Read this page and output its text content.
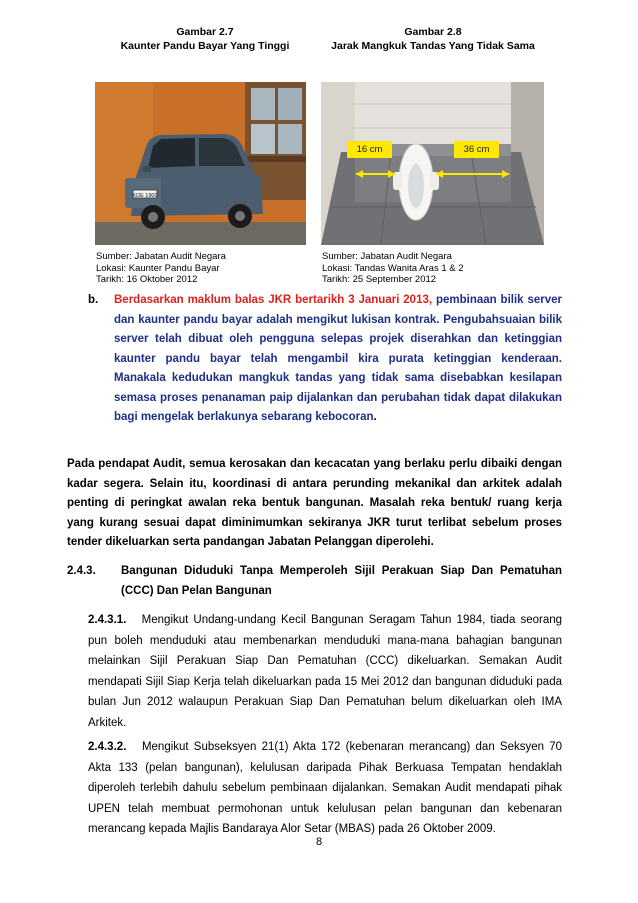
Gambar 2.7
Kaunter Pandu Bayar Yang Tinggi
Gambar 2.8
Jarak Mangkuk Tandas Yang Tidak Sama
KDE 1900
16 cm	36 cm
Sumber: Jabatan Audit Negara
Lokasi: Kaunter Pandu Bayar
Tarikh: 16 Oktober 2012
Sumber: Jabatan Audit Negara
Lokasi: Tandas Wanita Aras 1 & 2
Tarikh: 25 September 2012
b. Berdasarkan maklum balas JKR bertarikh 3 Januari 2013, pembinaan bilik server dan kaunter pandu bayar adalah mengikut lukisan kontrak. Pengubahsuaian bilik server telah dibuat oleh pengguna selepas projek diserahkan dan ketinggian kaunter pandu bayar telah mengambil kira purata ketinggian kenderaan. Manakala kedudukan mangkuk tandas yang tidak sama disebabkan kesilapan semasa proses penanaman paip dijalankan dan perubahan tidak dapat dilakukan bagi mengelak berlakunya sebarang kebocoran.
Pada pendapat Audit, semua kerosakan dan kecacatan yang berlaku perlu dibaiki dengan kadar segera. Selain itu, koordinasi di antara perunding mekanikal dan arkitek adalah penting di peringkat awalan reka bentuk bangunan. Masalah reka bentuk/ ruang kerja yang kurang sesuai dapat diminimumkan sekiranya JKR turut terlibat sebelum proses tender dikeluarkan serta pandangan Jabatan Pelanggan diperolehi.
2.4.3. Bangunan Diduduki Tanpa Memperoleh Sijil Perakuan Siap Dan Pematuhan (CCC) Dan Pelan Bangunan
2.4.3.1. Mengikut Undang-undang Kecil Bangunan Seragam Tahun 1984, tiada seorang pun boleh menduduki atau membenarkan menduduki mana-mana bahagian bangunan melainkan Sijil Perakuan Siap Dan Pematuhan (CCC) dikeluarkan. Semakan Audit mendapati Sijil Siap Kerja telah dikeluarkan pada 15 Mei 2012 dan bangunan diduduki pada bulan Jun 2012 walaupun Perakuan Siap Dan Pematuhan belum dikeluarkan oleh IMA Arkitek.
2.4.3.2. Mengikut Subseksyen 21(1) Akta 172 (kebenaran merancang) dan Seksyen 70 Akta 133 (pelan bangunan), kelulusan daripada Pihak Berkuasa Tempatan hendaklah diperoleh terlebih dahulu sebelum pembinaan dijalankan. Semakan Audit mendapati pihak UPEN telah membuat permohonan untuk kelulusan pelan bangunan dan kebenaran merancang kepada Majlis Bandaraya Alor Setar (MBAS) pada 26 Oktober 2009.
8
